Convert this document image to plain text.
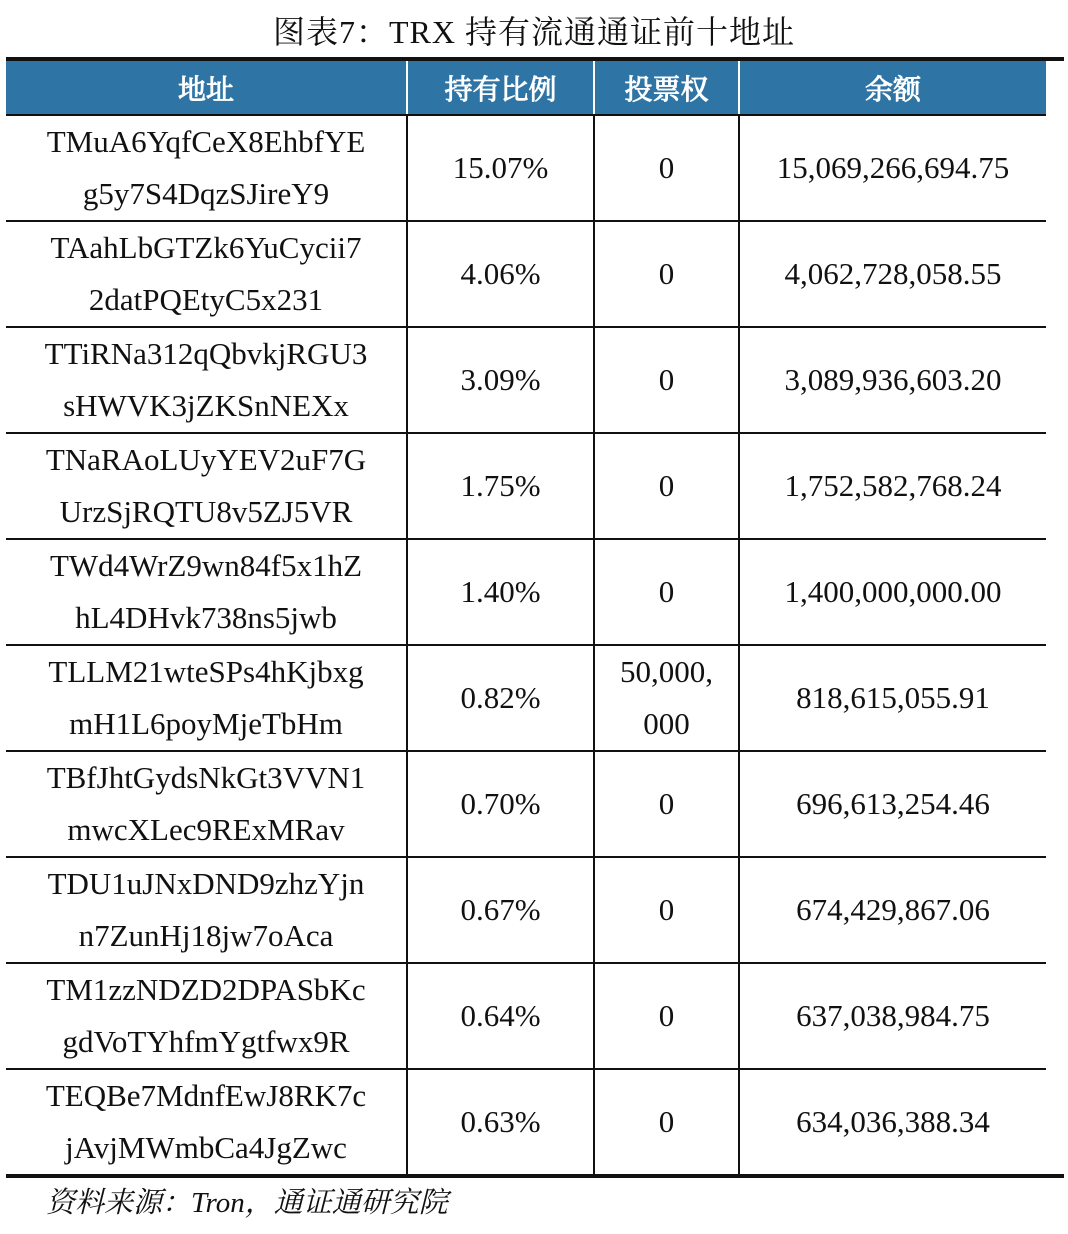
图表7：TRX 持有流通通证前十地址
地址	持有比例	投票权	余额

TMuA6YqfCeX8EhbfYE
g5y7S4DqzSJireY9	15.07%	0	15,069,266,694.75

TAahLbGTZk6YuCycii7
2datPQEtyC5x231	4.06%	0	4,062,728,058.55

TTiRNa312qQbvkjRGU3
sHWVK3jZKSnNEXx	3.09%	0	3,089,936,603.20

TNaRAoLUyYEV2uF7G
UrzSjRQTU8v5ZJ5VR	1.75%	0	1,752,582,768.24

TWd4WrZ9wn84f5x1hZ
hL4DHvk738ns5jwb	1.40%	0	1,400,000,000.00

TLLM21wteSPs4hKjbxg
mH1L6poyMjeTbHm	0.82%	50,000,
000	818,615,055.91

TBfJhtGydsNkGt3VVN1
mwcXLec9RExMRav	0.70%	0	696,613,254.46

TDU1uJNxDND9zhzYjn
n7ZunHj18jw7oAca	0.67%	0	674,429,867.06

TM1zzNDZD2DPASbKc
gdVoTYhfmYgtfwx9R	0.64%	0	637,038,984.75

TEQBe7MdnfEwJ8RK7c
jAvjMWmbCa4JgZwc	0.63%	0	634,036,388.34
资料来源：Tron，通证通研究院
